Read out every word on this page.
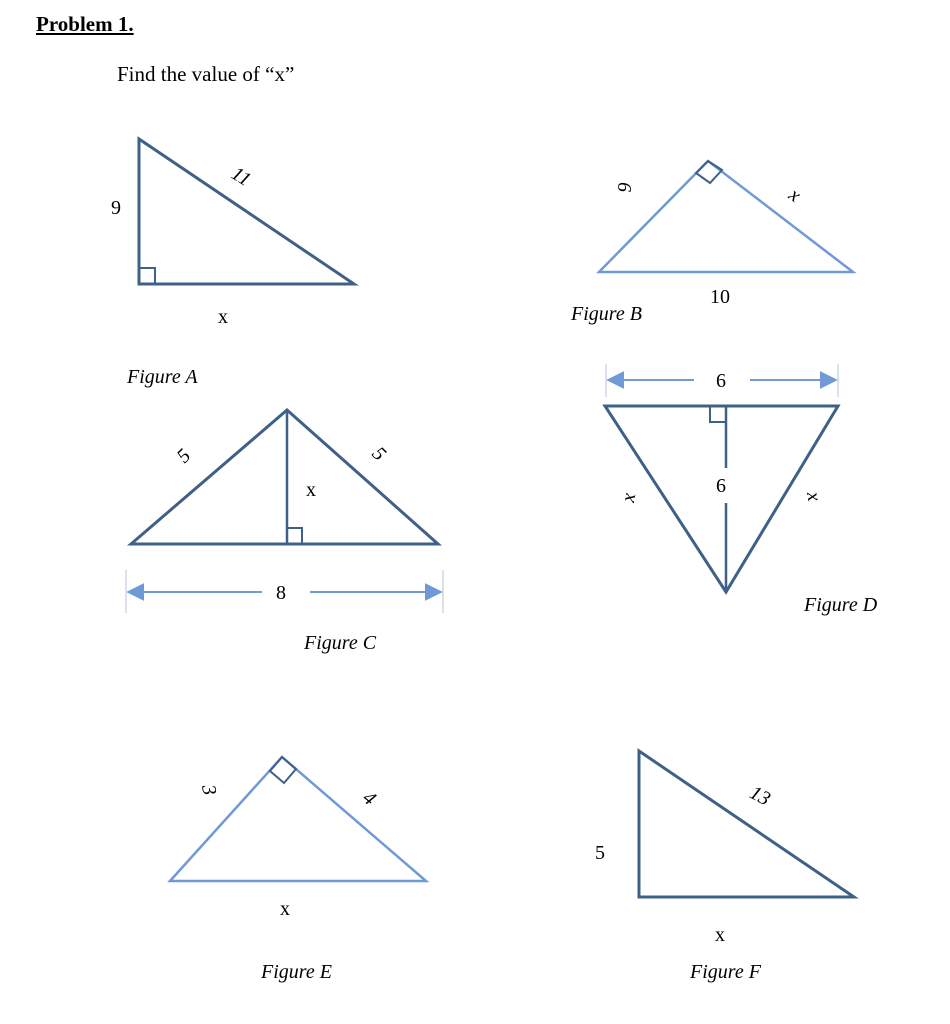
Problem 1.
Find the value of “x”
9
11
x
Figure A
6	x
10
Figure B
5	5
x
8
Figure C
6
6
x	x
Figure D
3	4
x
Figure E
5
13
x
Figure F
